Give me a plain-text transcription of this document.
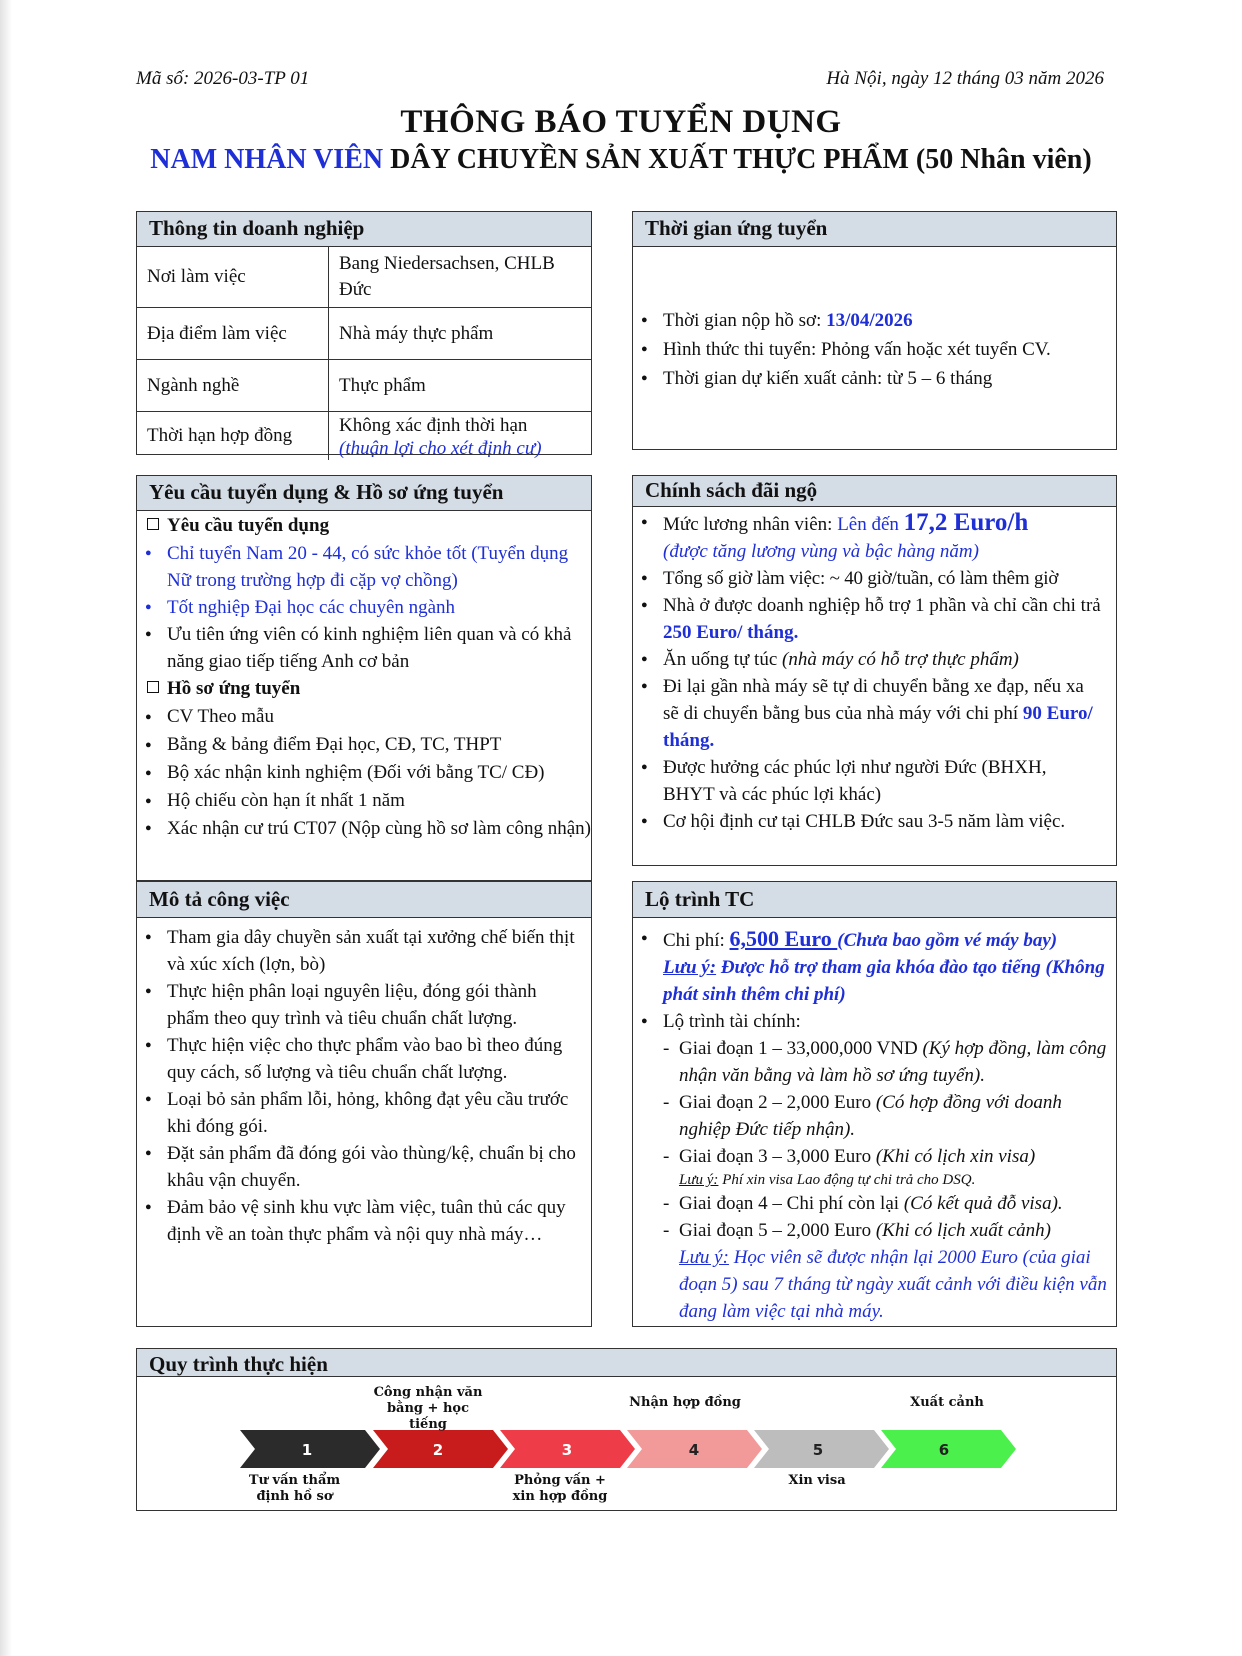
Mã số: 2026-03-TP 01	Hà Nội, ngày 12 tháng 03 năm 2026
THÔNG BÁO TUYỂN DỤNG
NAM NHÂN VIÊN DÂY CHUYỀN SẢN XUẤT THỰC PHẨM (50 Nhân viên)
Thông tin doanh nghiệp
Nơi làm việc	Bang Niedersachsen, CHLB Đức
Địa điểm làm việc	Nhà máy thực phẩm
Ngành nghề	Thực phẩm
Thời hạn hợp đồng	Không xác định thời hạn
(thuận lợi cho xét định cư)
Thời gian ứng tuyển
● Thời gian nộp hồ sơ: 13/04/2026
● Hình thức thi tuyển: Phỏng vấn hoặc xét tuyển CV.
● Thời gian dự kiến xuất cảnh: từ 5 – 6 tháng
Yêu cầu tuyển dụng & Hồ sơ ứng tuyển
Yêu cầu tuyển dụng
● Chỉ tuyển Nam 20 - 44, có sức khỏe tốt (Tuyển dụng Nữ trong trường hợp đi cặp vợ chồng)
● Tốt nghiệp Đại học các chuyên ngành
● Ưu tiên ứng viên có kinh nghiệm liên quan và có khả năng giao tiếp tiếng Anh cơ bản
Hồ sơ ứng tuyển
● CV Theo mẫu
● Bằng & bảng điểm Đại học, CĐ, TC, THPT
● Bộ xác nhận kinh nghiệm (Đối với bằng TC/ CĐ)
● Hộ chiếu còn hạn ít nhất 1 năm
● Xác nhận cư trú CT07 (Nộp cùng hồ sơ làm công nhận)
Chính sách đãi ngộ
● Mức lương nhân viên: Lên đến 17,2 Euro/h
(được tăng lương vùng và bậc hàng năm)
● Tổng số giờ làm việc: ~ 40 giờ/tuần, có làm thêm giờ
● Nhà ở được doanh nghiệp hỗ trợ 1 phần và chỉ cần chi trả 250 Euro/ tháng.
● Ăn uống tự túc (nhà máy có hỗ trợ thực phẩm)
● Đi lại gần nhà máy sẽ tự di chuyển bằng xe đạp, nếu xa sẽ di chuyển bằng bus của nhà máy với chi phí 90 Euro/ tháng.
● Được hưởng các phúc lợi như người Đức (BHXH, BHYT và các phúc lợi khác)
● Cơ hội định cư tại CHLB Đức sau 3-5 năm làm việc.
Mô tả công việc
● Tham gia dây chuyền sản xuất tại xưởng chế biến thịt và xúc xích (lợn, bò)
● Thực hiện phân loại nguyên liệu, đóng gói thành phẩm theo quy trình và tiêu chuẩn chất lượng.
● Thực hiện việc cho thực phẩm vào bao bì theo đúng quy cách, số lượng và tiêu chuẩn chất lượng.
● Loại bỏ sản phẩm lỗi, hỏng, không đạt yêu cầu trước khi đóng gói.
● Đặt sản phẩm đã đóng gói vào thùng/kệ, chuẩn bị cho khâu vận chuyển.
● Đảm bảo vệ sinh khu vực làm việc, tuân thủ các quy định về an toàn thực phẩm và nội quy nhà máy…
Lộ trình TC
● Chi phí: 6,500 Euro (Chưa bao gồm vé máy bay)
Lưu ý: Được hỗ trợ tham gia khóa đào tạo tiếng (Không phát sinh thêm chi phí)
● Lộ trình tài chính:
- Giai đoạn 1 – 33,000,000 VND (Ký hợp đồng, làm công nhận văn bằng và làm hồ sơ ứng tuyển).
- Giai đoạn 2 – 2,000 Euro (Có hợp đồng với doanh nghiệp Đức tiếp nhận).
- Giai đoạn 3 – 3,000 Euro (Khi có lịch xin visa)
Lưu ý: Phí xin visa Lao động tự chi trả cho DSQ.
- Giai đoạn 4 – Chi phí còn lại (Có kết quả đỗ visa).
- Giai đoạn 5 – 2,000 Euro (Khi có lịch xuất cảnh)
Lưu ý: Học viên sẽ được nhận lại 2000 Euro (của giai đoạn 5) sau 7 tháng từ ngày xuất cảnh với điều kiện vẫn đang làm việc tại nhà máy.
Quy trình thực hiện
1	2	3	4	5	6
Tư vấn thẩm định hồ sơ
Công nhận văn bằng + học tiếng
Phỏng vấn + xin hợp đồng
Nhận hợp đồng
Xin visa
Xuất cảnh
